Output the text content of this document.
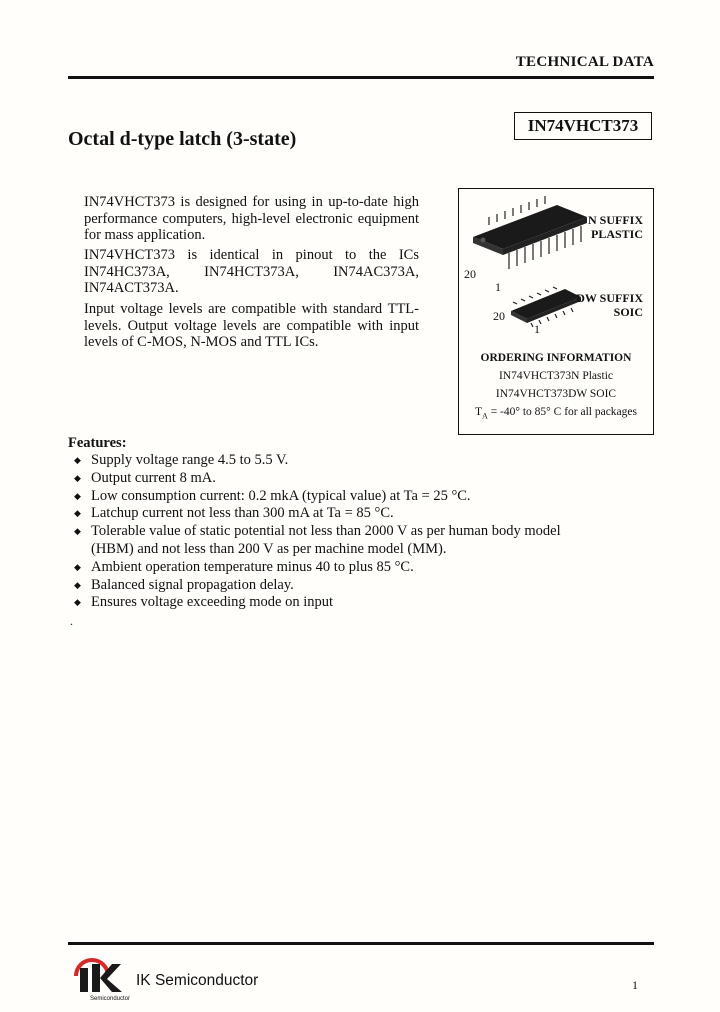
TECHNICAL DATA
IN74VHCT373
Octal d-type latch (3-state)
IN74VHCT373 is designed for using in up-to-date high performance computers, high-level electronic equipment for mass application.
IN74VHCT373 is identical in pinout to the ICs IN74HC373A, IN74HCT373A, IN74AC373A, IN74ACT373A.
Input voltage levels are compatible with standard TTL-levels. Output voltage levels are compatible with input levels of C-MOS, N-MOS and TTL ICs.
N SUFFIX
PLASTIC
DW SUFFIX
SOIC
20
1
20
1
ORDERING INFORMATION
IN74VHCT373N Plastic
IN74VHCT373DW SOIC
$T_A = -40^\circ$ to 85° C for all packages
Features:
◆ Supply voltage range 4.5 to 5.5 V.
◆ Output current 8 mA.
◆ Low consumption current: 0.2 mkA (typical value) at Ta = 25 °C.
◆ Latchup current not less than 300 mA at Ta = 85 °C.
◆ Tolerable value of static potential not less than 2000 V as per human body model (HBM) and not less than 200 V as per machine model (MM).
◆ Ambient operation temperature minus 40 to plus 85 °C.
◆ Balanced signal propagation delay.
◆ Ensures voltage exceeding mode on input
.
Semiconductor
IK Semiconductor	1
